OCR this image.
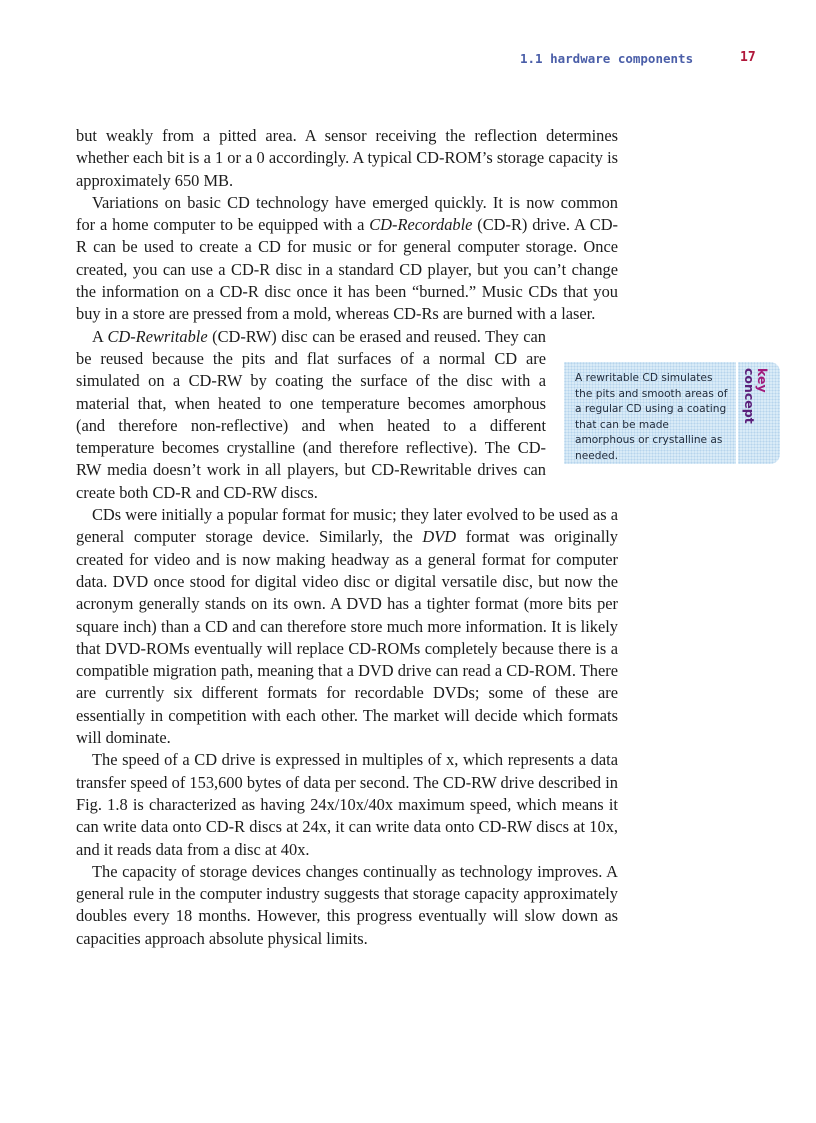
1.1 hardware components	17

but weakly from a pitted area. A sensor receiving the reflection determines whether each bit is a 1 or a 0 accordingly. A typical CD-ROM’s storage capacity is approximately 650 MB.

Variations on basic CD technology have emerged quickly. It is now common for a home computer to be equipped with a CD-Recordable (CD-R) drive. A CD-R can be used to create a CD for music or for general computer storage. Once created, you can use a CD-R disc in a standard CD player, but you can’t change the information on a CD-R disc once it has been “burned.” Music CDs that you buy in a store are pressed from a mold, whereas CD-Rs are burned with a laser.

A CD-Rewritable (CD-RW) disc can be erased and reused. They can be reused because the pits and flat surfaces of a normal CD are simulated on a CD-RW by coating the surface of the disc with a material that, when heated to one temperature becomes amorphous (and therefore non-reflective) and when heated to a different temperature becomes crystalline (and therefore reflective). The CD-RW media doesn’t work in all players, but CD-Rewritable drives can create both CD-R and CD-RW discs.

CDs were initially a popular format for music; they later evolved to be used as a general computer storage device. Similarly, the DVD format was originally created for video and is now making headway as a general format for computer data. DVD once stood for digital video disc or digital versatile disc, but now the acronym generally stands on its own. A DVD has a tighter format (more bits per square inch) than a CD and can therefore store much more information. It is likely that DVD-ROMs eventually will replace CD-ROMs completely because there is a compatible migration path, meaning that a DVD drive can read a CD-ROM. There are currently six different formats for recordable DVDs; some of these are essentially in competition with each other. The market will decide which formats will dominate.

The speed of a CD drive is expressed in multiples of x, which represents a data transfer speed of 153,600 bytes of data per second. The CD-RW drive described in Fig. 1.8 is characterized as having 24x/10x/40x maximum speed, which means it can write data onto CD-R discs at 24x, it can write data onto CD-RW discs at 10x, and it reads data from a disc at 40x.

The capacity of storage devices changes continually as technology improves. A general rule in the computer industry suggests that storage capacity approximately doubles every 18 months. However, this progress eventually will slow down as capacities approach absolute physical limits.

A rewritable CD simulates the pits and smooth areas of a regular CD using a coating that can be made amorphous or crystalline as needed.
key
concept
